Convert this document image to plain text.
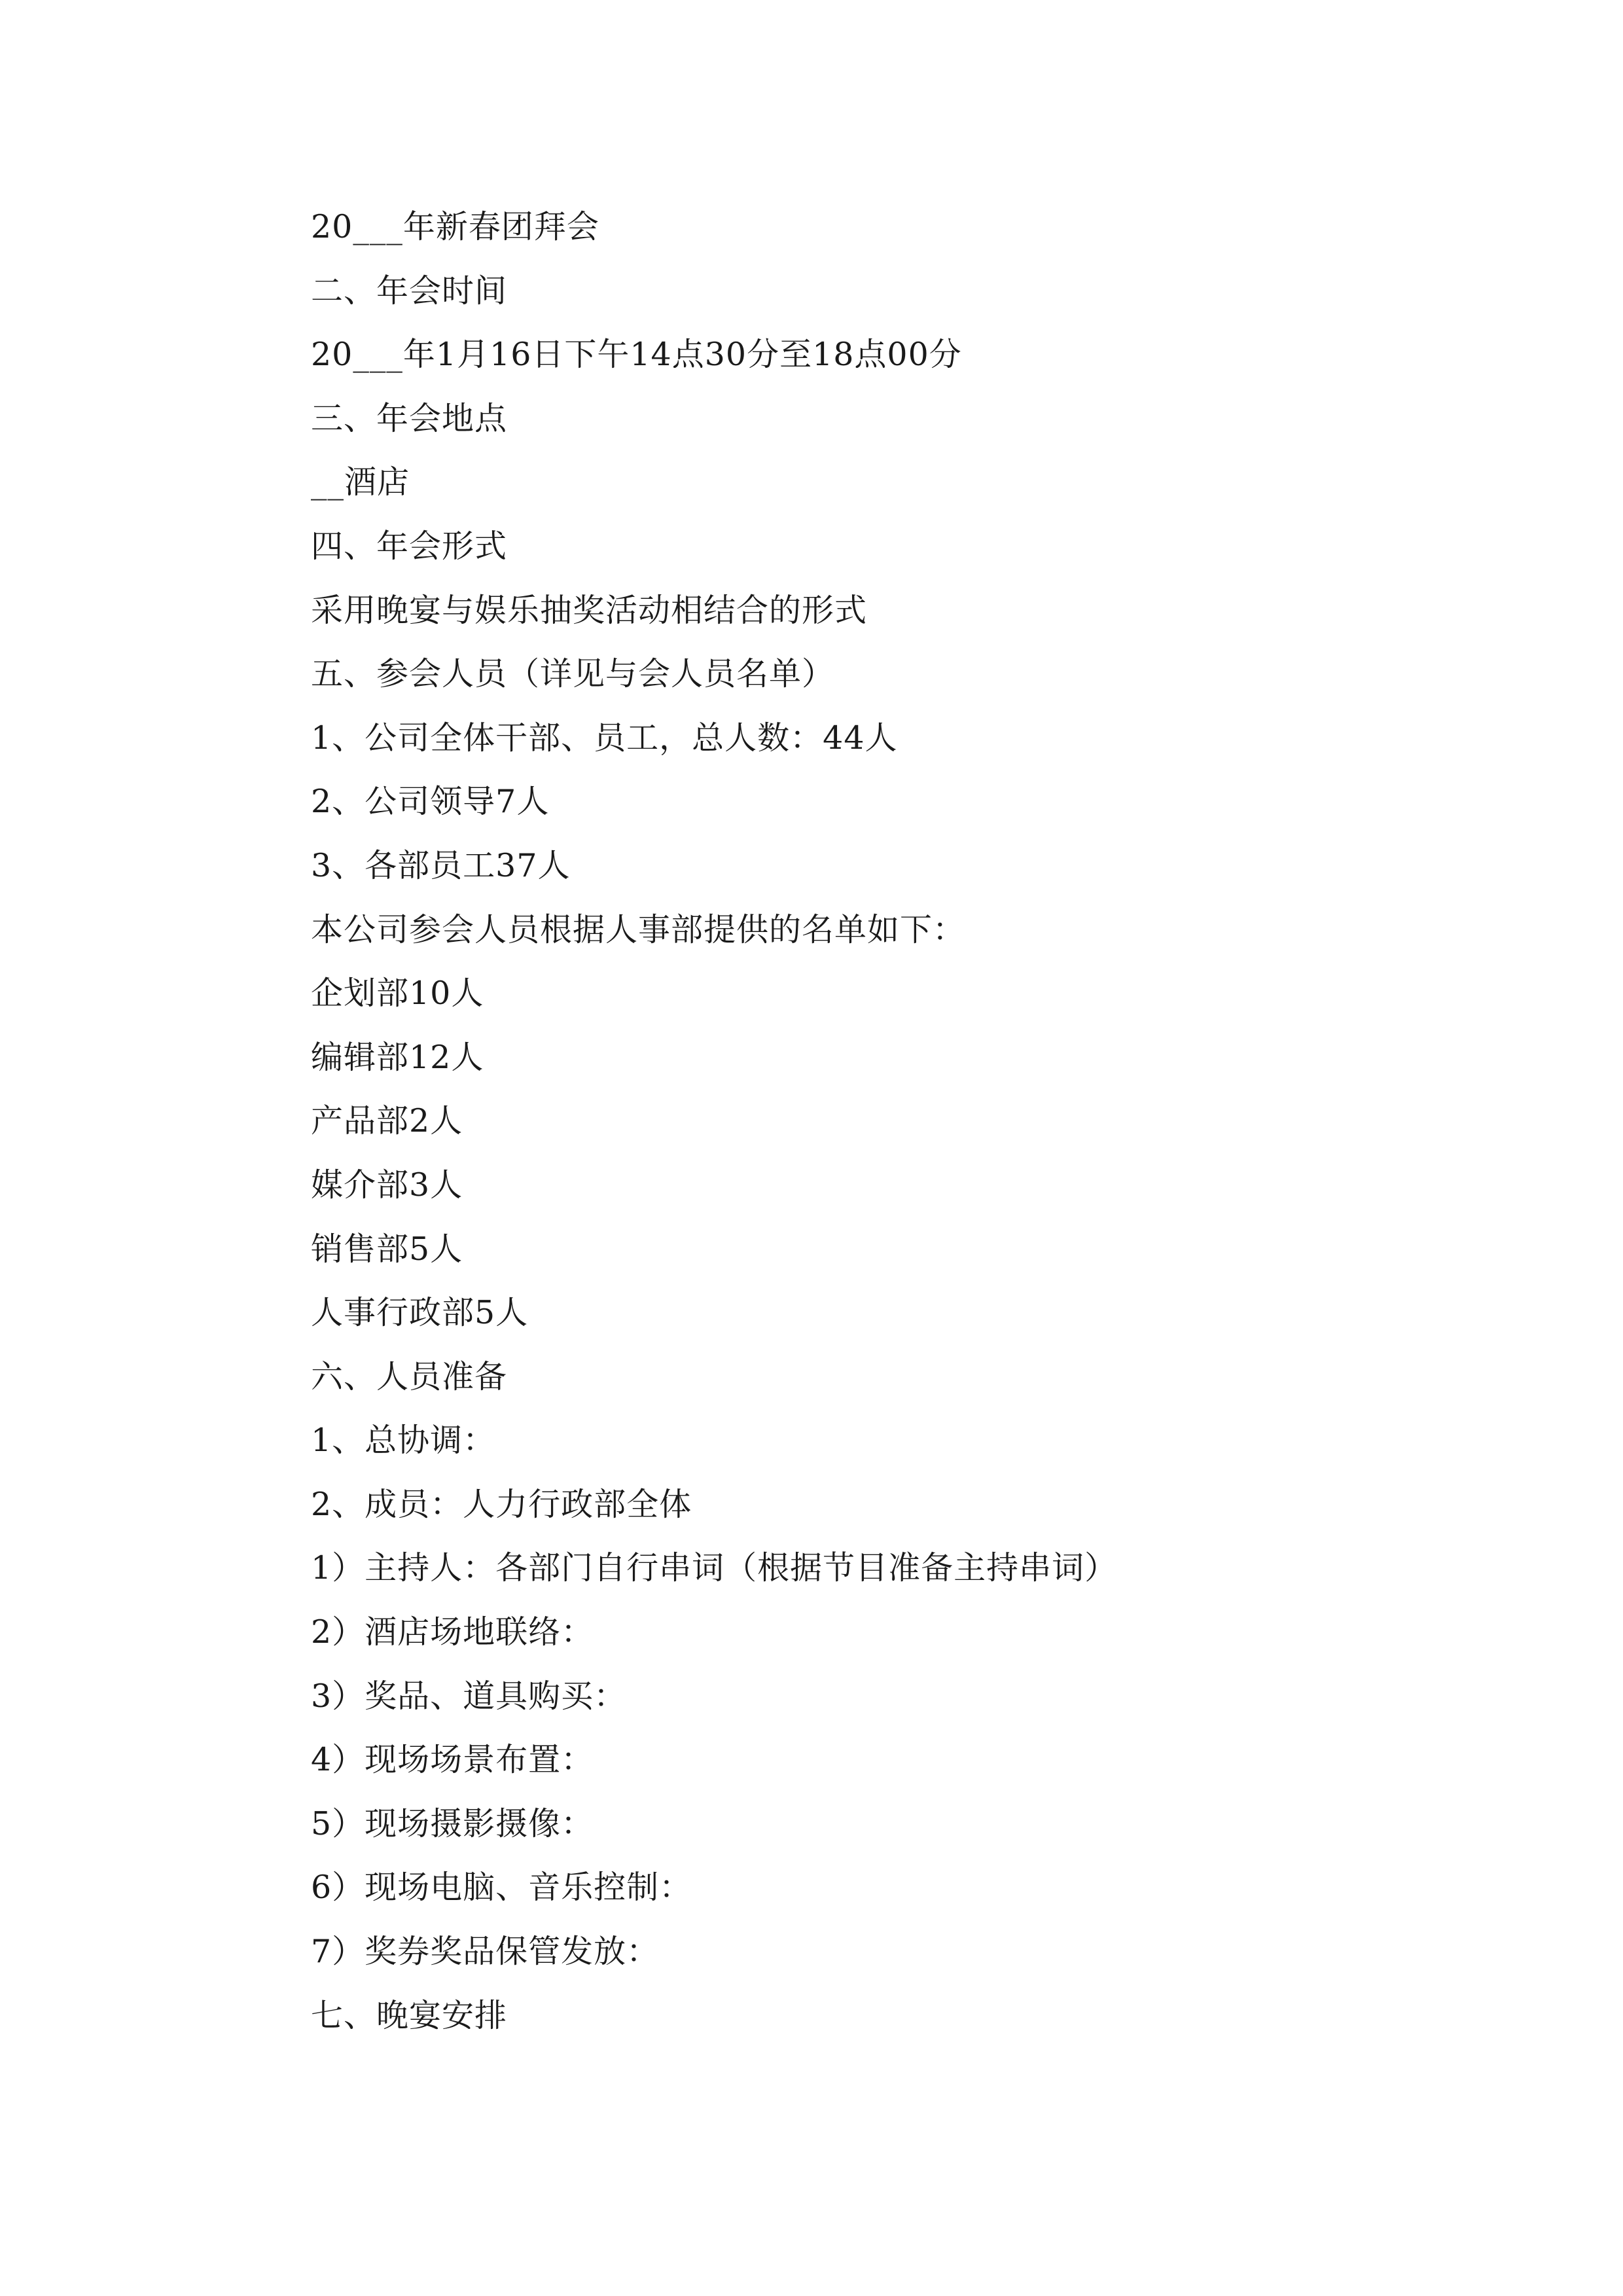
20___年新春团拜会
二、年会时间
20___年1月16日下午14点30分至18点00分
三、年会地点
__酒店
四、年会形式
采用晚宴与娱乐抽奖活动相结合的形式
五、参会人员（详见与会人员名单）
1、公司全体干部、员工，总人数：44人
2、公司领导7人
3、各部员工37人
本公司参会人员根据人事部提供的名单如下：
企划部10人
编辑部12人
产品部2人
媒介部3人
销售部5人
人事行政部5人
六、人员准备
1、总协调：
2、成员：人力行政部全体
1）主持人：各部门自行串词（根据节目准备主持串词）
2）酒店场地联络：
3）奖品、道具购买：
4）现场场景布置：
5）现场摄影摄像：
6）现场电脑、音乐控制：
7）奖券奖品保管发放：
七、晚宴安排
